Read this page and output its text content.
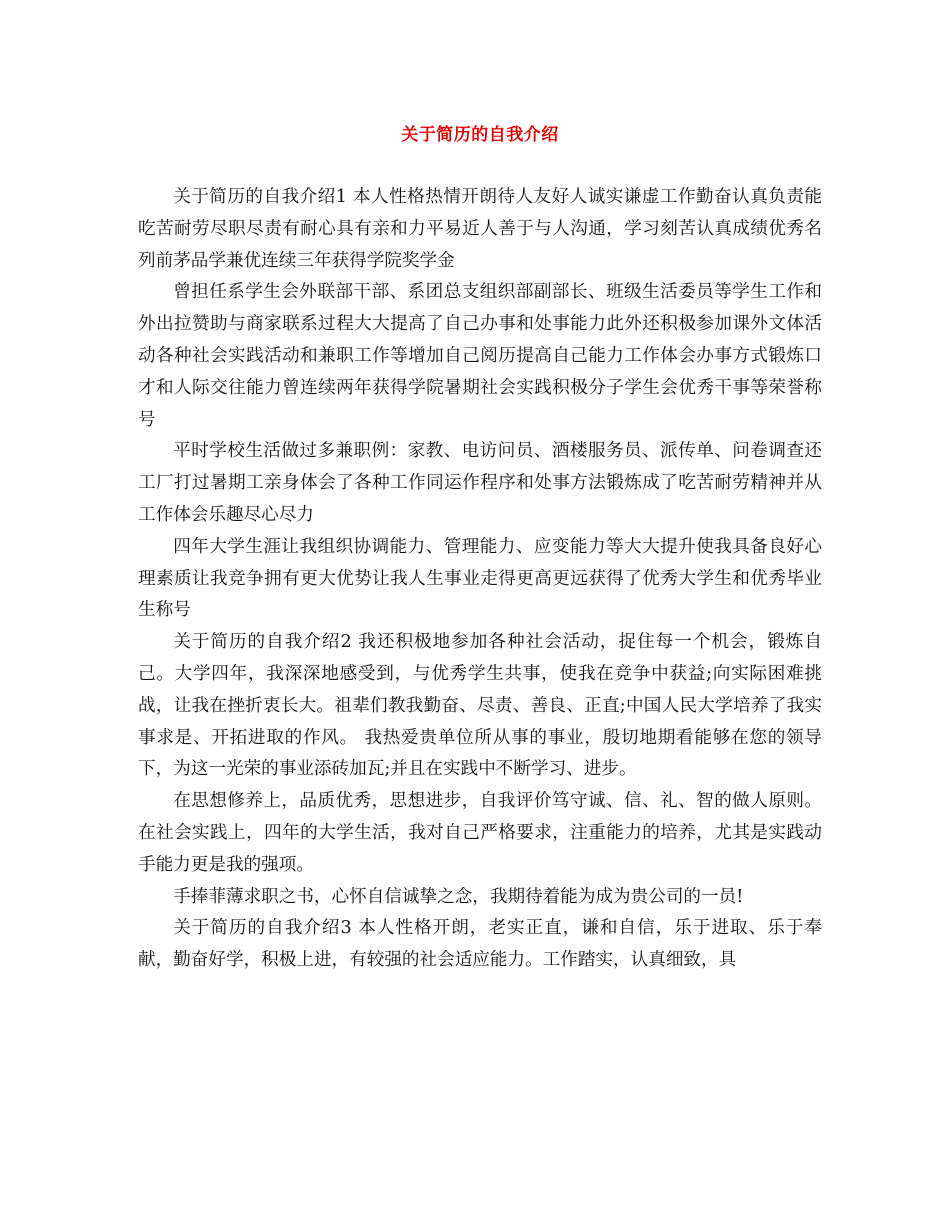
关于简历的自我介绍

关于简历的自我介绍1 本人性格热情开朗待人友好人诚实谦虚工作勤奋认真负责能吃苦耐劳尽职尽责有耐心具有亲和力平易近人善于与人沟通，学习刻苦认真成绩优秀名列前茅品学兼优连续三年获得学院奖学金

曾担任系学生会外联部干部、系团总支组织部副部长、班级生活委员等学生工作和外出拉赞助与商家联系过程大大提高了自己办事和处事能力此外还积极参加课外文体活动各种社会实践活动和兼职工作等增加自己阅历提高自己能力工作体会办事方式锻炼口才和人际交往能力曾连续两年获得学院暑期社会实践积极分子学生会优秀干事等荣誉称号

平时学校生活做过多兼职例：家教、电访问员、酒楼服务员、派传单、问卷调查还工厂打过暑期工亲身体会了各种工作同运作程序和处事方法锻炼成了吃苦耐劳精神并从工作体会乐趣尽心尽力

四年大学生涯让我组织协调能力、管理能力、应变能力等大大提升使我具备良好心理素质让我竞争拥有更大优势让我人生事业走得更高更远获得了优秀大学生和优秀毕业生称号

关于简历的自我介绍2 我还积极地参加各种社会活动，捉住每一个机会，锻炼自己。大学四年，我深深地感受到，与优秀学生共事，使我在竞争中获益;向实际困难挑战，让我在挫折衷长大。祖辈们教我勤奋、尽责、善良、正直;中国人民大学培养了我实事求是、开拓进取的作风。 我热爱贵单位所从事的事业，殷切地期看能够在您的领导下，为这一光荣的事业添砖加瓦;并且在实践中不断学习、进步。

在思想修养上，品质优秀，思想进步，自我评价笃守诚、信、礼、智的做人原则。在社会实践上，四年的大学生活，我对自己严格要求，注重能力的培养，尤其是实践动手能力更是我的强项。

手捧菲薄求职之书，心怀自信诚挚之念，我期待着能为成为贵公司的一员!

关于简历的自我介绍3 本人性格开朗，老实正直，谦和自信，乐于进取、乐于奉献，勤奋好学，积极上进，有较强的社会适应能力。工作踏实，认真细致，具
